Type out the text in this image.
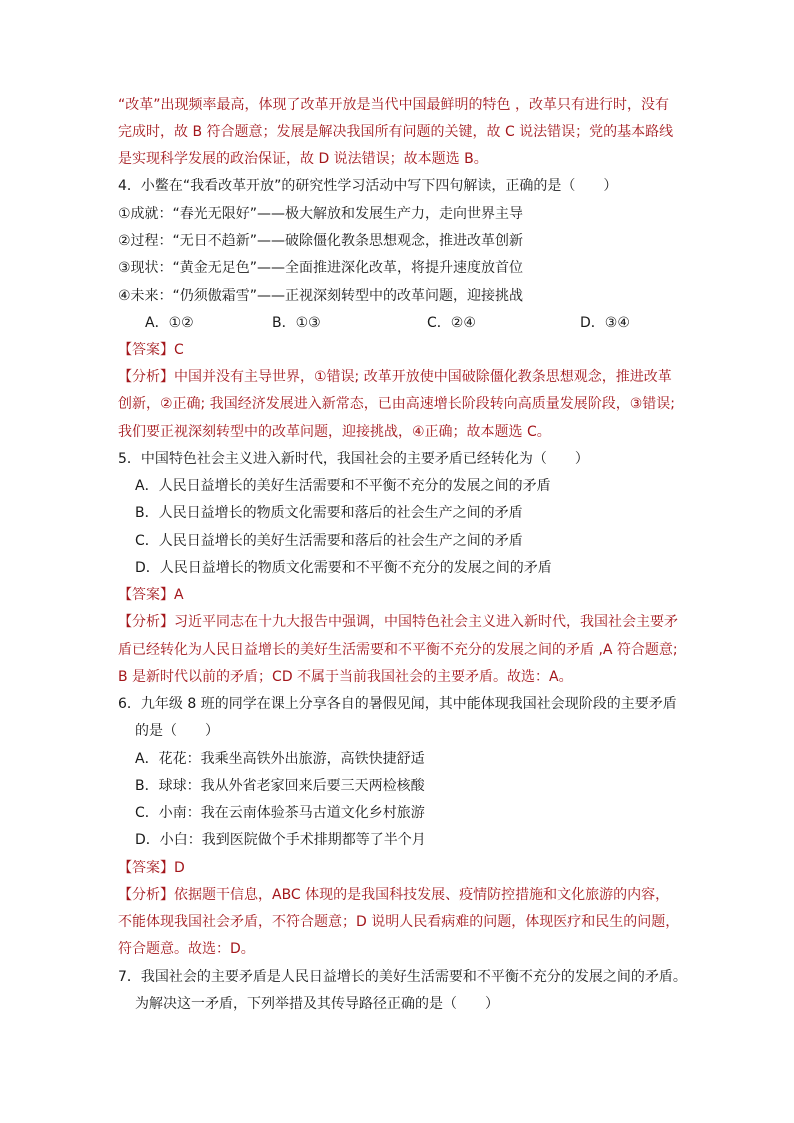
“改革”出现频率最高，体现了改革开放是当代中国最鲜明的特色 ，改革只有进行时，没有
完成时，故 B 符合题意；发展是解决我国所有问题的关键，故 C 说法错误；党的基本路线
是实现科学发展的政治保证，故 D 说法错误；故本题选 B。
4．小鳖在“我看改革开放”的研究性学习活动中写下四句解读，正确的是（　　）
①成就：“春光无限好”——极大解放和发展生产力，走向世界主导
②过程：“无日不趋新”——破除僵化教条思想观念，推进改革创新
③现状：“黄金无足色”——全面推进深化改革，将提升速度放首位
④未来：“仍须傲霜雪”——正视深刻转型中的改革问题，迎接挑战
【答案】C
【分析】中国并没有主导世界，①错误; 改革开放使中国破除僵化教条思想观念，推进改革
创新，②正确; 我国经济发展进入新常态，已由高速增长阶段转向高质量发展阶段，③错误;
我们要正视深刻转型中的改革问题，迎接挑战，④正确；故本题选 C。
5．中国特色社会主义进入新时代，我国社会的主要矛盾已经转化为（　　）
A．人民日益增长的美好生活需要和不平衡不充分的发展之间的矛盾
B．人民日益增长的物质文化需要和落后的社会生产之间的矛盾
C．人民日益增长的美好生活需要和落后的社会生产之间的矛盾
D．人民日益增长的物质文化需要和不平衡不充分的发展之间的矛盾
【答案】A
【分析】习近平同志在十九大报告中强调，中国特色社会主义进入新时代，我国社会主要矛
盾已经转化为人民日益增长的美好生活需要和不平衡不充分的发展之间的矛盾 ,A 符合题意;
B 是新时代以前的矛盾；CD 不属于当前我国社会的主要矛盾。故选：A。
6．九年级 8 班的同学在课上分享各自的暑假见闻，其中能体现我国社会现阶段的主要矛盾
的是（　　）
A．花花：我乘坐高铁外出旅游，高铁快捷舒适
B．球球：我从外省老家回来后要三天两检核酸
C．小南：我在云南体验茶马古道文化乡村旅游
D．小白：我到医院做个手术排期都等了半个月
【答案】D
【分析】依据题干信息，ABC 体现的是我国科技发展、疫情防控措施和文化旅游的内容，
不能体现我国社会矛盾，不符合题意；D 说明人民看病难的问题，体现医疗和民生的问题，
符合题意。故选：D。
7．我国社会的主要矛盾是人民日益增长的美好生活需要和不平衡不充分的发展之间的矛盾。
为解决这一矛盾，下列举措及其传导路径正确的是（　　）
A．①②	B．①③	C．②④	D．③④
